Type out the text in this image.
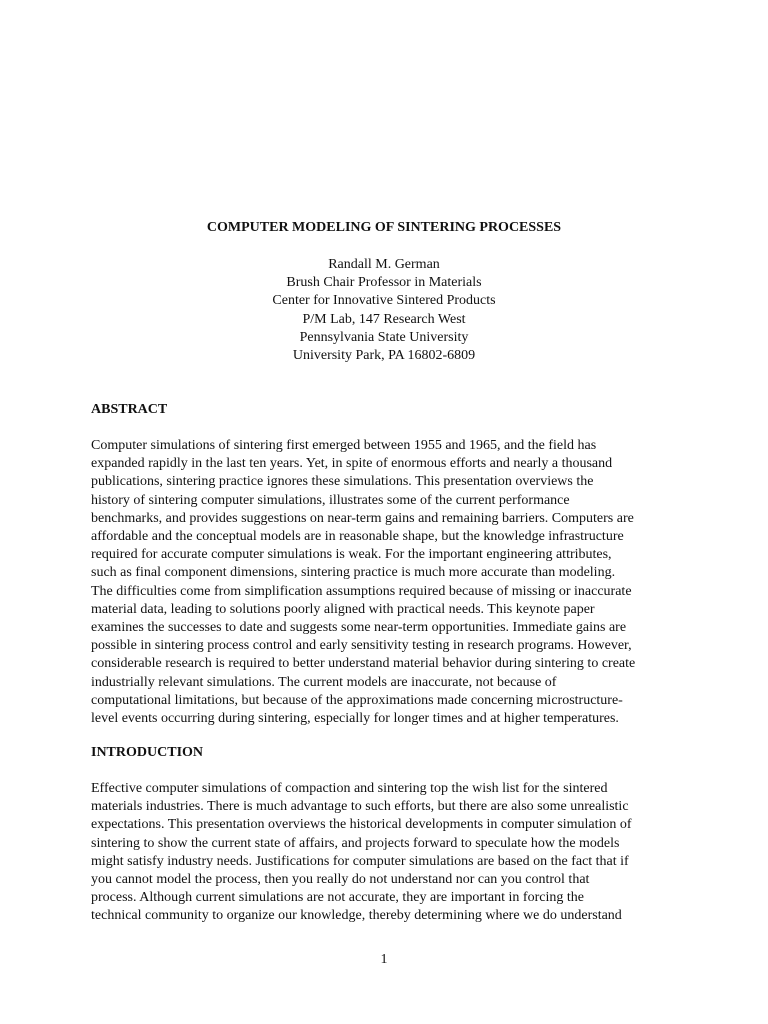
COMPUTER MODELING OF SINTERING PROCESSES
Randall M. German
Brush Chair Professor in Materials
Center for Innovative Sintered Products
P/M Lab, 147 Research West
Pennsylvania State University
University Park, PA 16802-6809
ABSTRACT
Computer simulations of sintering first emerged between 1955 and 1965, and the field has
expanded rapidly in the last ten years. Yet, in spite of enormous efforts and nearly a thousand
publications, sintering practice ignores these simulations. This presentation overviews the
history of sintering computer simulations, illustrates some of the current performance
benchmarks, and provides suggestions on near-term gains and remaining barriers. Computers are
affordable and the conceptual models are in reasonable shape, but the knowledge infrastructure
required for accurate computer simulations is weak. For the important engineering attributes,
such as final component dimensions, sintering practice is much more accurate than modeling.
The difficulties come from simplification assumptions required because of missing or inaccurate
material data, leading to solutions poorly aligned with practical needs. This keynote paper
examines the successes to date and suggests some near-term opportunities. Immediate gains are
possible in sintering process control and early sensitivity testing in research programs. However,
considerable research is required to better understand material behavior during sintering to create
industrially relevant simulations. The current models are inaccurate, not because of
computational limitations, but because of the approximations made concerning microstructure-
level events occurring during sintering, especially for longer times and at higher temperatures.
INTRODUCTION
Effective computer simulations of compaction and sintering top the wish list for the sintered
materials industries. There is much advantage to such efforts, but there are also some unrealistic
expectations. This presentation overviews the historical developments in computer simulation of
sintering to show the current state of affairs, and projects forward to speculate how the models
might satisfy industry needs. Justifications for computer simulations are based on the fact that if
you cannot model the process, then you really do not understand nor can you control that
process. Although current simulations are not accurate, they are important in forcing the
technical community to organize our knowledge, thereby determining where we do understand
1
